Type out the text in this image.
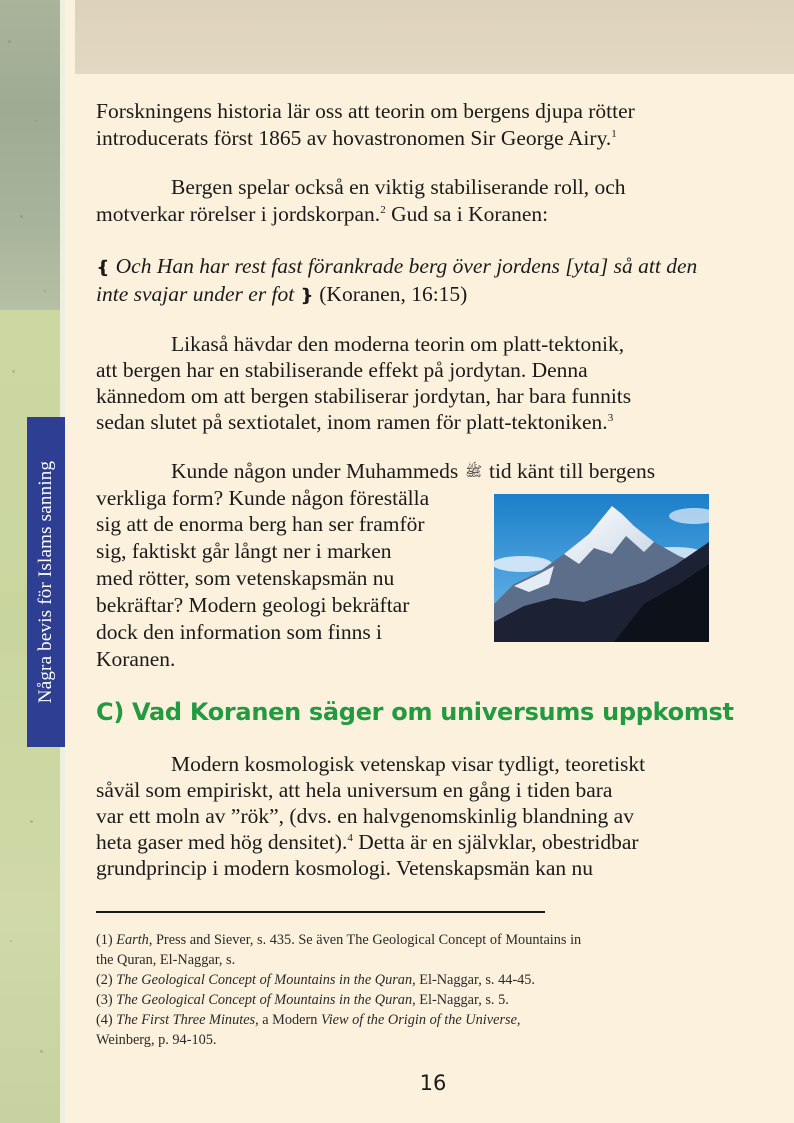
Några bevis för Islams sanning

Forskningens historia lär oss att teorin om bergens djupa rötter

introducerats först 1865 av hovastronomen Sir George Airy.$^1$

Bergen spelar också en viktig stabiliserande roll, och

motverkar rörelser i jordskorpan.$^2$ Gud sa i Koranen:

❴ Och Han har rest fast förankrade berg över jordens [yta] så att den

inte svajar under er fot ❵ (Koranen, 16:15)

Likaså hävdar den moderna teorin om platt-tektonik,

att bergen har en stabiliserande effekt på jordytan. Denna

kännedom om att bergen stabiliserar jordytan, har bara funnits

sedan slutet på sextiotalet, inom ramen för platt-tektoniken.$^3$

Kunde någon under Muhammeds ﷺ tid känt till bergens

verkliga form? Kunde någon föreställa

sig att de enorma berg han ser framför

sig, faktiskt går långt ner i marken

med rötter, som vetenskapsmän nu

bekräftar? Modern geologi bekräftar

dock den information som finns i

Koranen.

C) Vad Koranen säger om universums uppkomst

Modern kosmologisk vetenskap visar tydligt, teoretiskt

såväl som empiriskt, att hela universum en gång i tiden bara

var ett moln av ”rök”, (dvs. en halvgenomskinlig blandning av

heta gaser med hög densitet).$^4$ Detta är en självklar, obestridbar

grundprincip i modern kosmologi. Vetenskapsmän kan nu

(1) Earth, Press and Siever, s. 435. Se även The Geological Concept of Mountains in

the Quran, El-Naggar, s.

(2) The Geological Concept of Mountains in the Quran, El-Naggar, s. 44-45.

(3) The Geological Concept of Mountains in the Quran, El-Naggar, s. 5.

(4) The First Three Minutes, a Modern View of the Origin of the Universe,

Weinberg, p. 94-105.

16
